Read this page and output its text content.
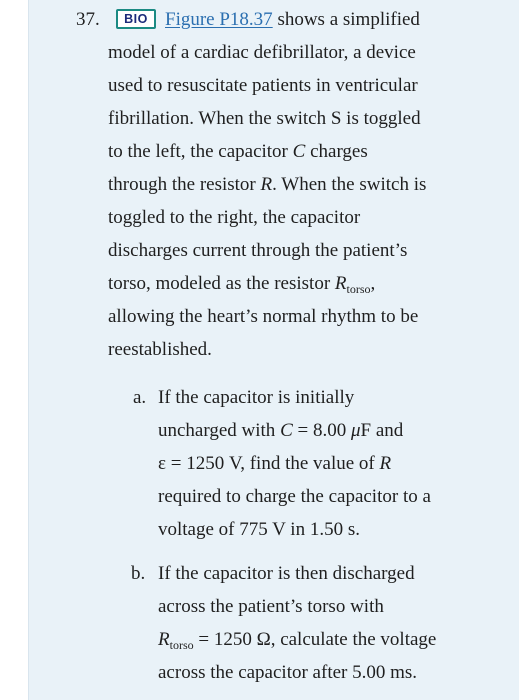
37.	BIO Figure P18.37 shows a simplified
model of a cardiac defibrillator, a device
used to resuscitate patients in ventricular
fibrillation. When the switch S is toggled
to the left, the capacitor C charges
through the resistor R. When the switch is
toggled to the right, the capacitor
discharges current through the patient’s
torso, modeled as the resistor $R_{torso}$,
allowing the heart’s normal rhythm to be
reestablished.
a. If the capacitor is initially
uncharged with C = 8.00 μF and
ε = 1250 V, find the value of R
required to charge the capacitor to a
voltage of 775 V in 1.50 s.
b. If the capacitor is then discharged
across the patient’s torso with
$R_{torso} = 1250$ Ω, calculate the voltage
across the capacitor after 5.00 ms.
